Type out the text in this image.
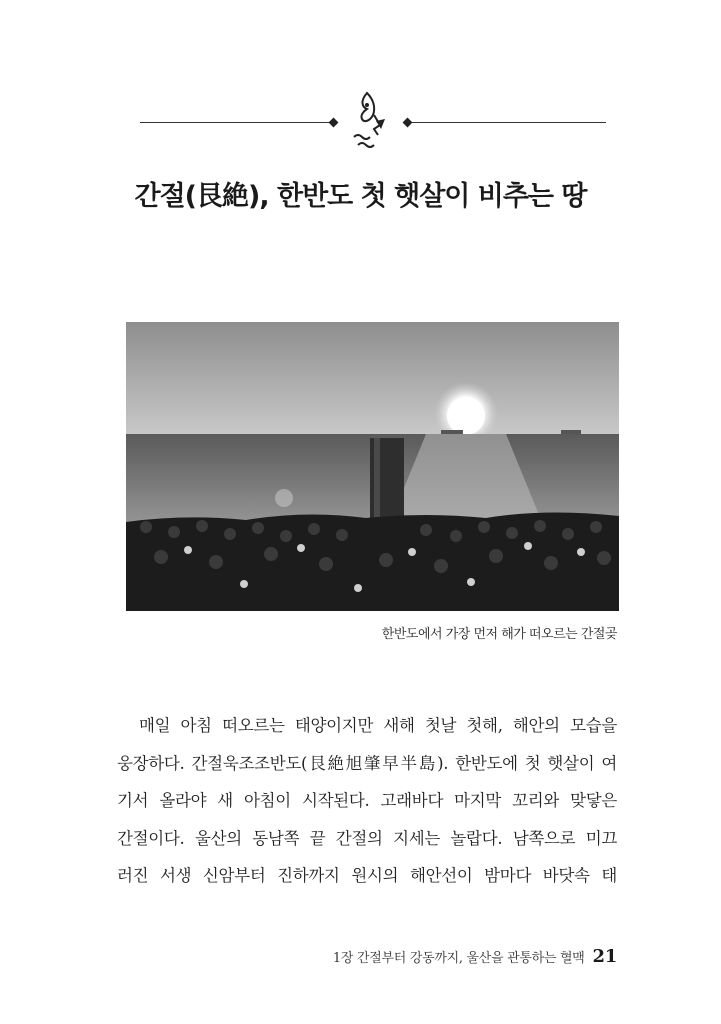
간절(艮絶), 한반도 첫 햇살이 비추는 땅
한반도에서 가장 먼저 해가 떠오르는 간절곶
매일 아침 떠오르는 태양이지만 새해 첫날 첫해, 해안의 모습을
웅장하다. 간절욱조조반도(艮絶旭肇早半島). 한반도에 첫 햇살이 여
기서 올라야 새 아침이 시작된다. 고래바다 마지막 꼬리와 맞닿은
간절이다. 울산의 동남쪽 끝 간절의 지세는 놀랍다. 남쪽으로 미끄
러진 서생 신암부터 진하까지 원시의 해안선이 밤마다 바닷속 태
1장 간절부터 강동까지, 울산을 관통하는 혈맥 21
